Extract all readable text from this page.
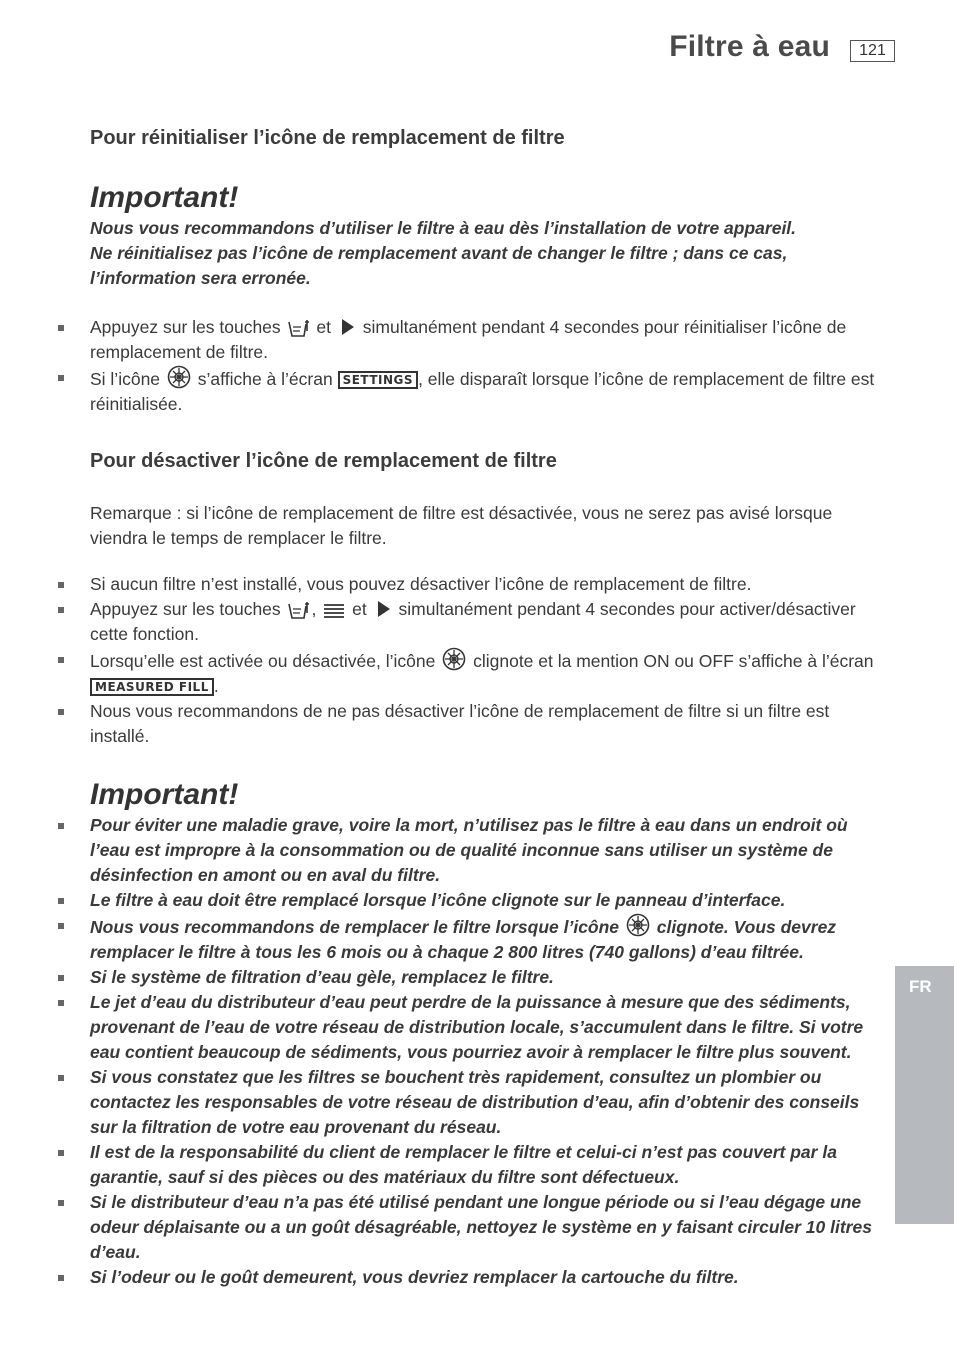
Filtre à eau	121
FR
Pour réinitialiser l’icône de remplacement de filtre
Important!
Nous vous recommandons d’utiliser le filtre à eau dès l’installation de votre appareil.
Ne réinitialisez pas l’icône de remplacement avant de changer le filtre ; dans ce cas, l’information sera erronée.
Appuyez sur les touches et simultanément pendant 4 secondes pour réinitialiser l’icône de remplacement de filtre.
Si l’icône s’affiche à l’écran SETTINGS , elle disparaît lorsque l’icône de remplacement de filtre est réinitialisée.
Pour désactiver l’icône de remplacement de filtre
Remarque : si l’icône de remplacement de filtre est désactivée, vous ne serez pas avisé lorsque viendra le temps de remplacer le filtre.
Si aucun filtre n’est installé, vous pouvez désactiver l’icône de remplacement de filtre.
Appuyez sur les touches , et simultanément pendant 4 secondes pour activer/désactiver cette fonction.
Lorsqu’elle est activée ou désactivée, l’icône clignote et la mention ON ou OFF s’affiche à l’écran MEASURED FILL .
Nous vous recommandons de ne pas désactiver l’icône de remplacement de filtre si un filtre est installé.
Important!
Pour éviter une maladie grave, voire la mort, n’utilisez pas le filtre à eau dans un endroit où l’eau est impropre à la consommation ou de qualité inconnue sans utiliser un système de désinfection en amont ou en aval du filtre.
Le filtre à eau doit être remplacé lorsque l’icône clignote sur le panneau d’interface.
Nous vous recommandons de remplacer le filtre lorsque l’icône clignote. Vous devrez remplacer le filtre à tous les 6 mois ou à chaque 2 800 litres (740 gallons) d’eau filtrée.
Si le système de filtration d’eau gèle, remplacez le filtre.
Le jet d’eau du distributeur d’eau peut perdre de la puissance à mesure que des sédiments, provenant de l’eau de votre réseau de distribution locale, s’accumulent dans le filtre. Si votre eau contient beaucoup de sédiments, vous pourriez avoir à remplacer le filtre plus souvent.
Si vous constatez que les filtres se bouchent très rapidement, consultez un plombier ou contactez les responsables de votre réseau de distribution d’eau, afin d’obtenir des conseils sur la filtration de votre eau provenant du réseau.
Il est de la responsabilité du client de remplacer le filtre et celui-ci n’est pas couvert par la garantie, sauf si des pièces ou des matériaux du filtre sont défectueux.
Si le distributeur d’eau n’a pas été utilisé pendant une longue période ou si l’eau dégage une odeur déplaisante ou a un goût désagréable, nettoyez le système en y faisant circuler 10 litres d’eau.
Si l’odeur ou le goût demeurent, vous devriez remplacer la cartouche du filtre.
